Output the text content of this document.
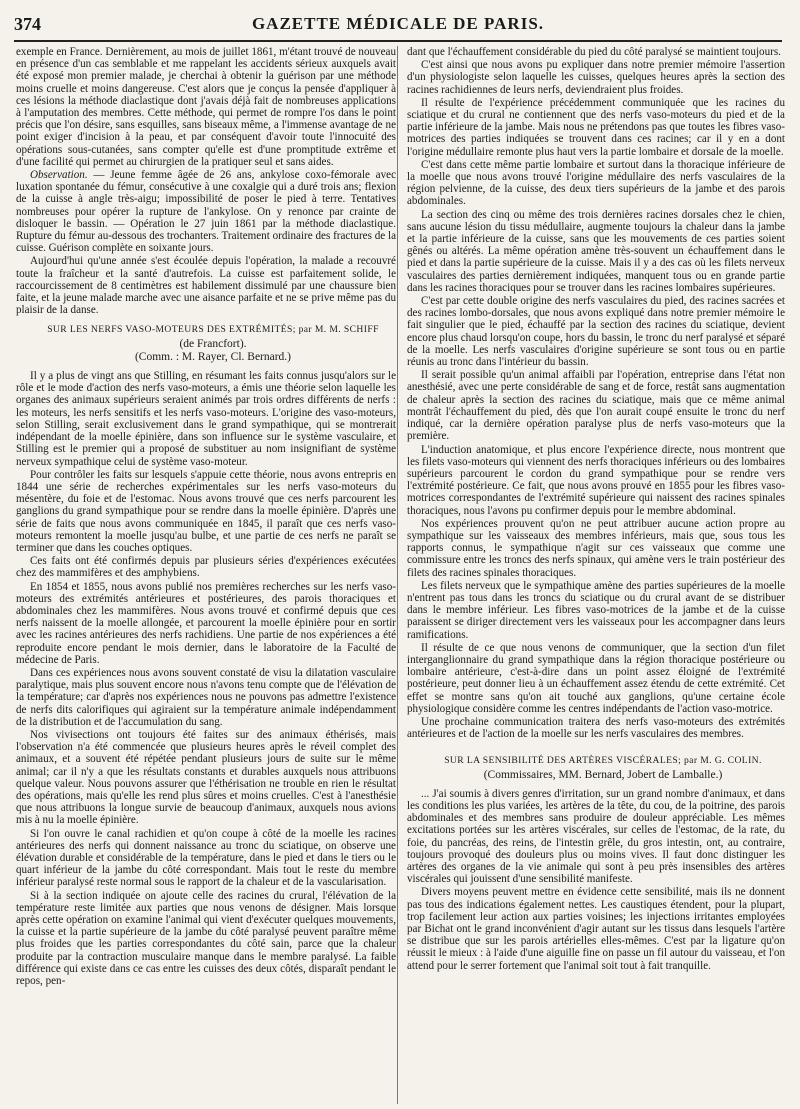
374	GAZETTE MÉDICALE DE PARIS.

exemple en France. Dernièrement, au mois de juillet 1861, m'étant trouvé de nouveau en présence d'un cas semblable et me rappelant les accidents sérieux auxquels avait été exposé mon premier malade, je cherchai à obtenir la guérison par une méthode moins cruelle et moins dangereuse. C'est alors que je conçus la pensée d'appliquer à ces lésions la méthode diaclastique dont j'avais déjà fait de nombreuses applications à l'amputation des membres. Cette méthode, qui permet de rompre l'os dans le point précis que l'on désire, sans esquilles, sans biseaux même, a l'immense avantage de ne point exiger d'incision à la peau, et par conséquent d'avoir toute l'innocuité des opérations sous-cutanées, sans compter qu'elle est d'une promptitude extrême et d'une facilité qui permet au chirurgien de la pratiquer seul et sans aides.

Observation. — Jeune femme âgée de 26 ans, ankylose coxo-fémorale avec luxation spontanée du fémur, consécutive à une coxalgie qui a duré trois ans; flexion de la cuisse à angle très-aigu; impossibilité de poser le pied à terre. Tentatives nombreuses pour opérer la rupture de l'ankylose. On y renonce par crainte de disloquer le bassin. — Opération le 27 juin 1861 par la méthode diaclastique. Rupture du fémur au-dessous des trochanters. Traitement ordinaire des fractures de la cuisse. Guérison complète en soixante jours.

Aujourd'hui qu'une année s'est écoulée depuis l'opération, la malade a recouvré toute la fraîcheur et la santé d'autrefois. La cuisse est parfaitement solide, le raccourcissement de 8 centimètres est habilement dissimulé par une chaussure bien faite, et la jeune malade marche avec une aisance parfaite et ne se prive même pas du plaisir de la danse.

SUR LES NERFS VASO-MOTEURS DES EXTRÉMITÉS; par M. M. SCHIFF

(de Francfort).

(Comm. : M. Rayer, Cl. Bernard.)

Il y a plus de vingt ans que Stilling, en résumant les faits connus jusqu'alors sur le rôle et le mode d'action des nerfs vaso-moteurs, a émis une théorie selon laquelle les organes des animaux supérieurs seraient animés par trois ordres différents de nerfs : les moteurs, les nerfs sensitifs et les nerfs vaso-moteurs. L'origine des vaso-moteurs, selon Stilling, serait exclusivement dans le grand sympathique, qui se montrerait indépendant de la moelle épinière, dans son influence sur le système vasculaire, et Stilling est le premier qui a proposé de substituer au nom insignifiant de système nerveux sympathique celui de système vaso-moteur.

Pour contrôler les faits sur lesquels s'appuie cette théorie, nous avons entrepris en 1844 une série de recherches expérimentales sur les nerfs vaso-moteurs du mésentère, du foie et de l'estomac. Nous avons trouvé que ces nerfs parcourent les ganglions du grand sympathique pour se rendre dans la moelle épinière. D'après une série de faits que nous avons communiquée en 1845, il paraît que ces nerfs vaso-moteurs remontent la moelle jusqu'au bulbe, et une partie de ces nerfs ne paraît se terminer que dans les couches optiques.

Ces faits ont été confirmés depuis par plusieurs séries d'expériences exécutées chez des mammifères et des amphybiens.

En 1854 et 1855, nous avons publié nos premières recherches sur les nerfs vaso-moteurs des extrémités antérieures et postérieures, des parois thoraciques et abdominales chez les mammifères. Nous avons trouvé et confirmé depuis que ces nerfs naissent de la moelle allongée, et parcourent la moelle épinière pour en sortir avec les racines antérieures des nerfs rachidiens. Une partie de nos expériences a été reproduite encore pendant le mois dernier, dans le laboratoire de la Faculté de médecine de Paris.

Dans ces expériences nous avons souvent constaté de visu la dilatation vasculaire paralytique, mais plus souvent encore nous n'avons tenu compte que de l'élévation de la température; car d'après nos expériences nous ne pouvons pas admettre l'existence de nerfs dits calorifiques qui agiraient sur la température animale indépendamment de la distribution et de l'accumulation du sang.

Nos vivisections ont toujours été faites sur des animaux éthérisés, mais l'observation n'a été commencée que plusieurs heures après le réveil complet des animaux, et a souvent été répétée pendant plusieurs jours de suite sur le même animal; car il n'y a que les résultats constants et durables auxquels nous attribuons quelque valeur. Nous pouvons assurer que l'éthérisation ne trouble en rien le résultat des opérations, mais qu'elle les rend plus sûres et moins cruelles. C'est à l'anesthésie que nous attribuons la longue survie de beaucoup d'animaux, auxquels nous avions mis à nu la moelle épinière.

Si l'on ouvre le canal rachidien et qu'on coupe à côté de la moelle les racines antérieures des nerfs qui donnent naissance au tronc du sciatique, on observe une élévation durable et considérable de la température, dans le pied et dans le tiers ou le quart inférieur de la jambe du côté correspondant. Mais tout le reste du membre inférieur paralysé reste normal sous le rapport de la chaleur et de la vascularisation.

Si à la section indiquée on ajoute celle des racines du crural, l'élévation de la température reste limitée aux parties que nous venons de désigner. Mais lorsque après cette opération on examine l'animal qui vient d'exécuter quelques mouvements, la cuisse et la partie supérieure de la jambe du côté paralysé peuvent paraître même plus froides que les parties correspondantes du côté sain, parce que la chaleur produite par la contraction musculaire manque dans le membre paralysé. La faible différence qui existe dans ce cas entre les cuisses des deux côtés, disparaît pendant le repos, pen-

dant que l'échauffement considérable du pied du côté paralysé se maintient toujours.

C'est ainsi que nous avons pu expliquer dans notre premier mémoire l'assertion d'un physiologiste selon laquelle les cuisses, quelques heures après la section des racines rachidiennes de leurs nerfs, deviendraient plus froides.

Il résulte de l'expérience précédemment communiquée que les racines du sciatique et du crural ne contiennent que des nerfs vaso-moteurs du pied et de la partie inférieure de la jambe. Mais nous ne prétendons pas que toutes les fibres vaso-motrices des parties indiquées se trouvent dans ces racines; car il y en a dont l'origine médullaire remonte plus haut vers la partie lombaire et dorsale de la moelle.

C'est dans cette même partie lombaire et surtout dans la thoracique inférieure de la moelle que nous avons trouvé l'origine médullaire des nerfs vasculaires de la région pelvienne, de la cuisse, des deux tiers supérieurs de la jambe et des parois abdominales.

La section des cinq ou même des trois dernières racines dorsales chez le chien, sans aucune lésion du tissu médullaire, augmente toujours la chaleur dans la jambe et la partie inférieure de la cuisse, sans que les mouvements de ces parties soient gênés ou altérés. La même opération amène très-souvent un échauffement dans le pied et dans la partie supérieure de la cuisse. Mais il y a des cas où les filets nerveux vasculaires des parties dernièrement indiquées, manquent tous ou en grande partie dans les racines thoraciques pour se trouver dans les racines lombaires supérieures.

C'est par cette double origine des nerfs vasculaires du pied, des racines sacrées et des racines lombo-dorsales, que nous avons expliqué dans notre premier mémoire le fait singulier que le pied, échauffé par la section des racines du sciatique, devient encore plus chaud lorsqu'on coupe, hors du bassin, le tronc du nerf paralysé et séparé de la moelle. Les nerfs vasculaires d'origine supérieure se sont tous ou en partie réunis au tronc dans l'intérieur du bassin.

Il serait possible qu'un animal affaibli par l'opération, entreprise dans l'état non anesthésié, avec une perte considérable de sang et de force, restât sans augmentation de chaleur après la section des racines du sciatique, mais que ce même animal montrât l'échauffement du pied, dès que l'on aurait coupé ensuite le tronc du nerf indiqué, car la dernière opération paralyse plus de nerfs vaso-moteurs que la première.

L'induction anatomique, et plus encore l'expérience directe, nous montrent que les filets vaso-moteurs qui viennent des nerfs thoraciques inférieurs ou des lombaires supérieurs parcourent le cordon du grand sympathique pour se rendre vers l'extrémité postérieure. Ce fait, que nous avons prouvé en 1855 pour les fibres vaso-motrices correspondantes de l'extrémité supérieure qui naissent des racines spinales thoraciques, nous l'avons pu confirmer depuis pour le membre abdominal.

Nos expériences prouvent qu'on ne peut attribuer aucune action propre au sympathique sur les vaisseaux des membres inférieurs, mais que, sous tous les rapports connus, le sympathique n'agit sur ces vaisseaux que comme une commissure entre les troncs des nerfs spinaux, qui amène vers le train postérieur des filets des racines spinales thoraciques.

Les filets nerveux que le sympathique amène des parties supérieures de la moelle n'entrent pas tous dans les troncs du sciatique ou du crural avant de se distribuer dans le membre inférieur. Les fibres vaso-motrices de la jambe et de la cuisse paraissent se diriger directement vers les vaisseaux pour les accompagner dans leurs ramifications.

Il résulte de ce que nous venons de communiquer, que la section d'un filet interganglionnaire du grand sympathique dans la région thoracique postérieure ou lombaire antérieure, c'est-à-dire dans un point assez éloigné de l'extrémité postérieure, peut donner lieu à un échauffement assez étendu de cette extrémité. Cet effet se montre sans qu'on ait touché aux ganglions, qu'une certaine école physiologique considère comme les centres indépendants de l'action vaso-motrice.

Une prochaine communication traitera des nerfs vaso-moteurs des extrémités antérieures et de l'action de la moelle sur les nerfs vasculaires des membres.

SUR LA SENSIBILITÉ DES ARTÈRES VISCÉRALES; par M. G. COLIN.

(Commissaires, MM. Bernard, Jobert de Lamballe.)

... J'ai soumis à divers genres d'irritation, sur un grand nombre d'animaux, et dans les conditions les plus variées, les artères de la tête, du cou, de la poitrine, des parois abdominales et des membres sans produire de douleur appréciable. Les mêmes excitations portées sur les artères viscérales, sur celles de l'estomac, de la rate, du foie, du pancréas, des reins, de l'intestin grêle, du gros intestin, ont, au contraire, toujours provoqué des douleurs plus ou moins vives. Il faut donc distinguer les artères des organes de la vie animale qui sont à peu près insensibles des artères viscérales qui jouissent d'une sensibilité manifeste.

Divers moyens peuvent mettre en évidence cette sensibilité, mais ils ne donnent pas tous des indications également nettes. Les caustiques étendent, pour la plupart, trop facilement leur action aux parties voisines; les injections irritantes employées par Bichat ont le grand inconvénient d'agir autant sur les tissus dans lesquels l'artère se distribue que sur les parois artérielles elles-mêmes. C'est par la ligature qu'on réussit le mieux : à l'aide d'une aiguille fine on passe un fil autour du vaisseau, et l'on attend pour le serrer fortement que l'animal soit tout à fait tranquille.
